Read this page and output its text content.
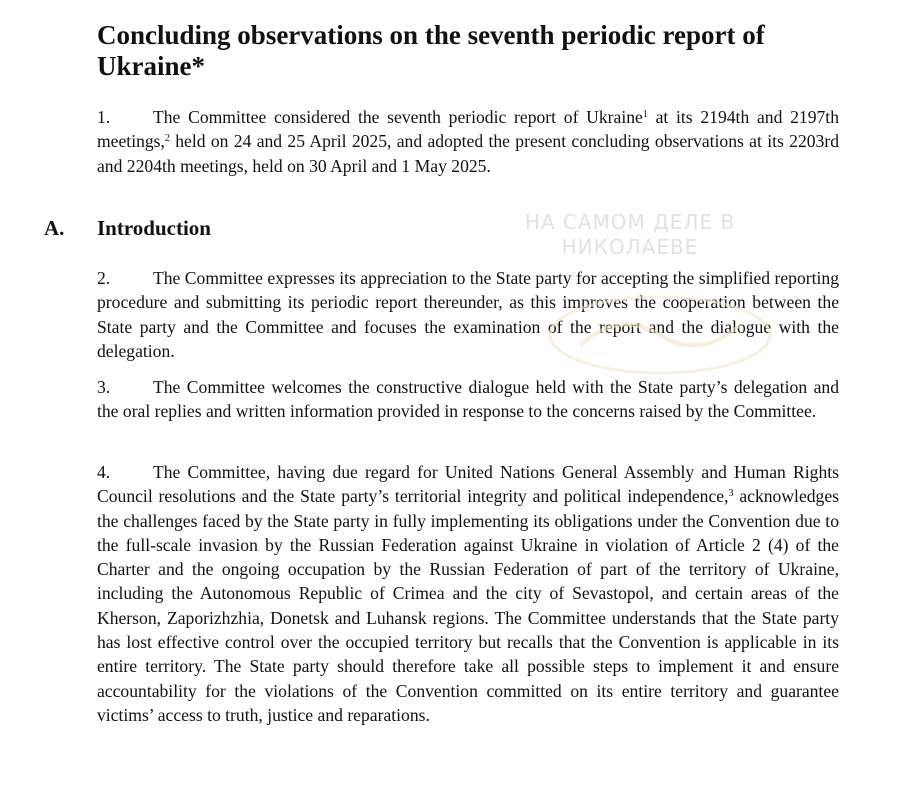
Concluding observations on the seventh periodic report of Ukraine*

1. The Committee considered the seventh periodic report of Ukraine$^1$ at its 2194th and 2197th meetings,$^2$ held on 24 and 25 April 2025, and adopted the present concluding observations at its 2203rd and 2204th meetings, held on 30 April and 1 May 2025.

A. Introduction

2. The Committee expresses its appreciation to the State party for accepting the simplified reporting procedure and submitting its periodic report thereunder, as this improves the cooperation between the State party and the Committee and focuses the examination of the report and the dialogue with the delegation.

3. The Committee welcomes the constructive dialogue held with the State party’s delegation and the oral replies and written information provided in response to the concerns raised by the Committee.

4. The Committee, having due regard for United Nations General Assembly and Human Rights Council resolutions and the State party’s territorial integrity and political independence,$^3$ acknowledges the challenges faced by the State party in fully implementing its obligations under the Convention due to the full-scale invasion by the Russian Federation against Ukraine in violation of Article 2 (4) of the Charter and the ongoing occupation by the Russian Federation of part of the territory of Ukraine, including the Autonomous Republic of Crimea and the city of Sevastopol, and certain areas of the Kherson, Zaporizhzhia, Donetsk and Luhansk regions. The Committee understands that the State party has lost effective control over the occupied territory but recalls that the Convention is applicable in its entire territory. The State party should therefore take all possible steps to implement it and ensure accountability for the violations of the Convention committed on its entire territory and guarantee victims’ access to truth, justice and reparations.

НА САМОМ ДЕЛЕ В
НИКОЛАЕВЕ
